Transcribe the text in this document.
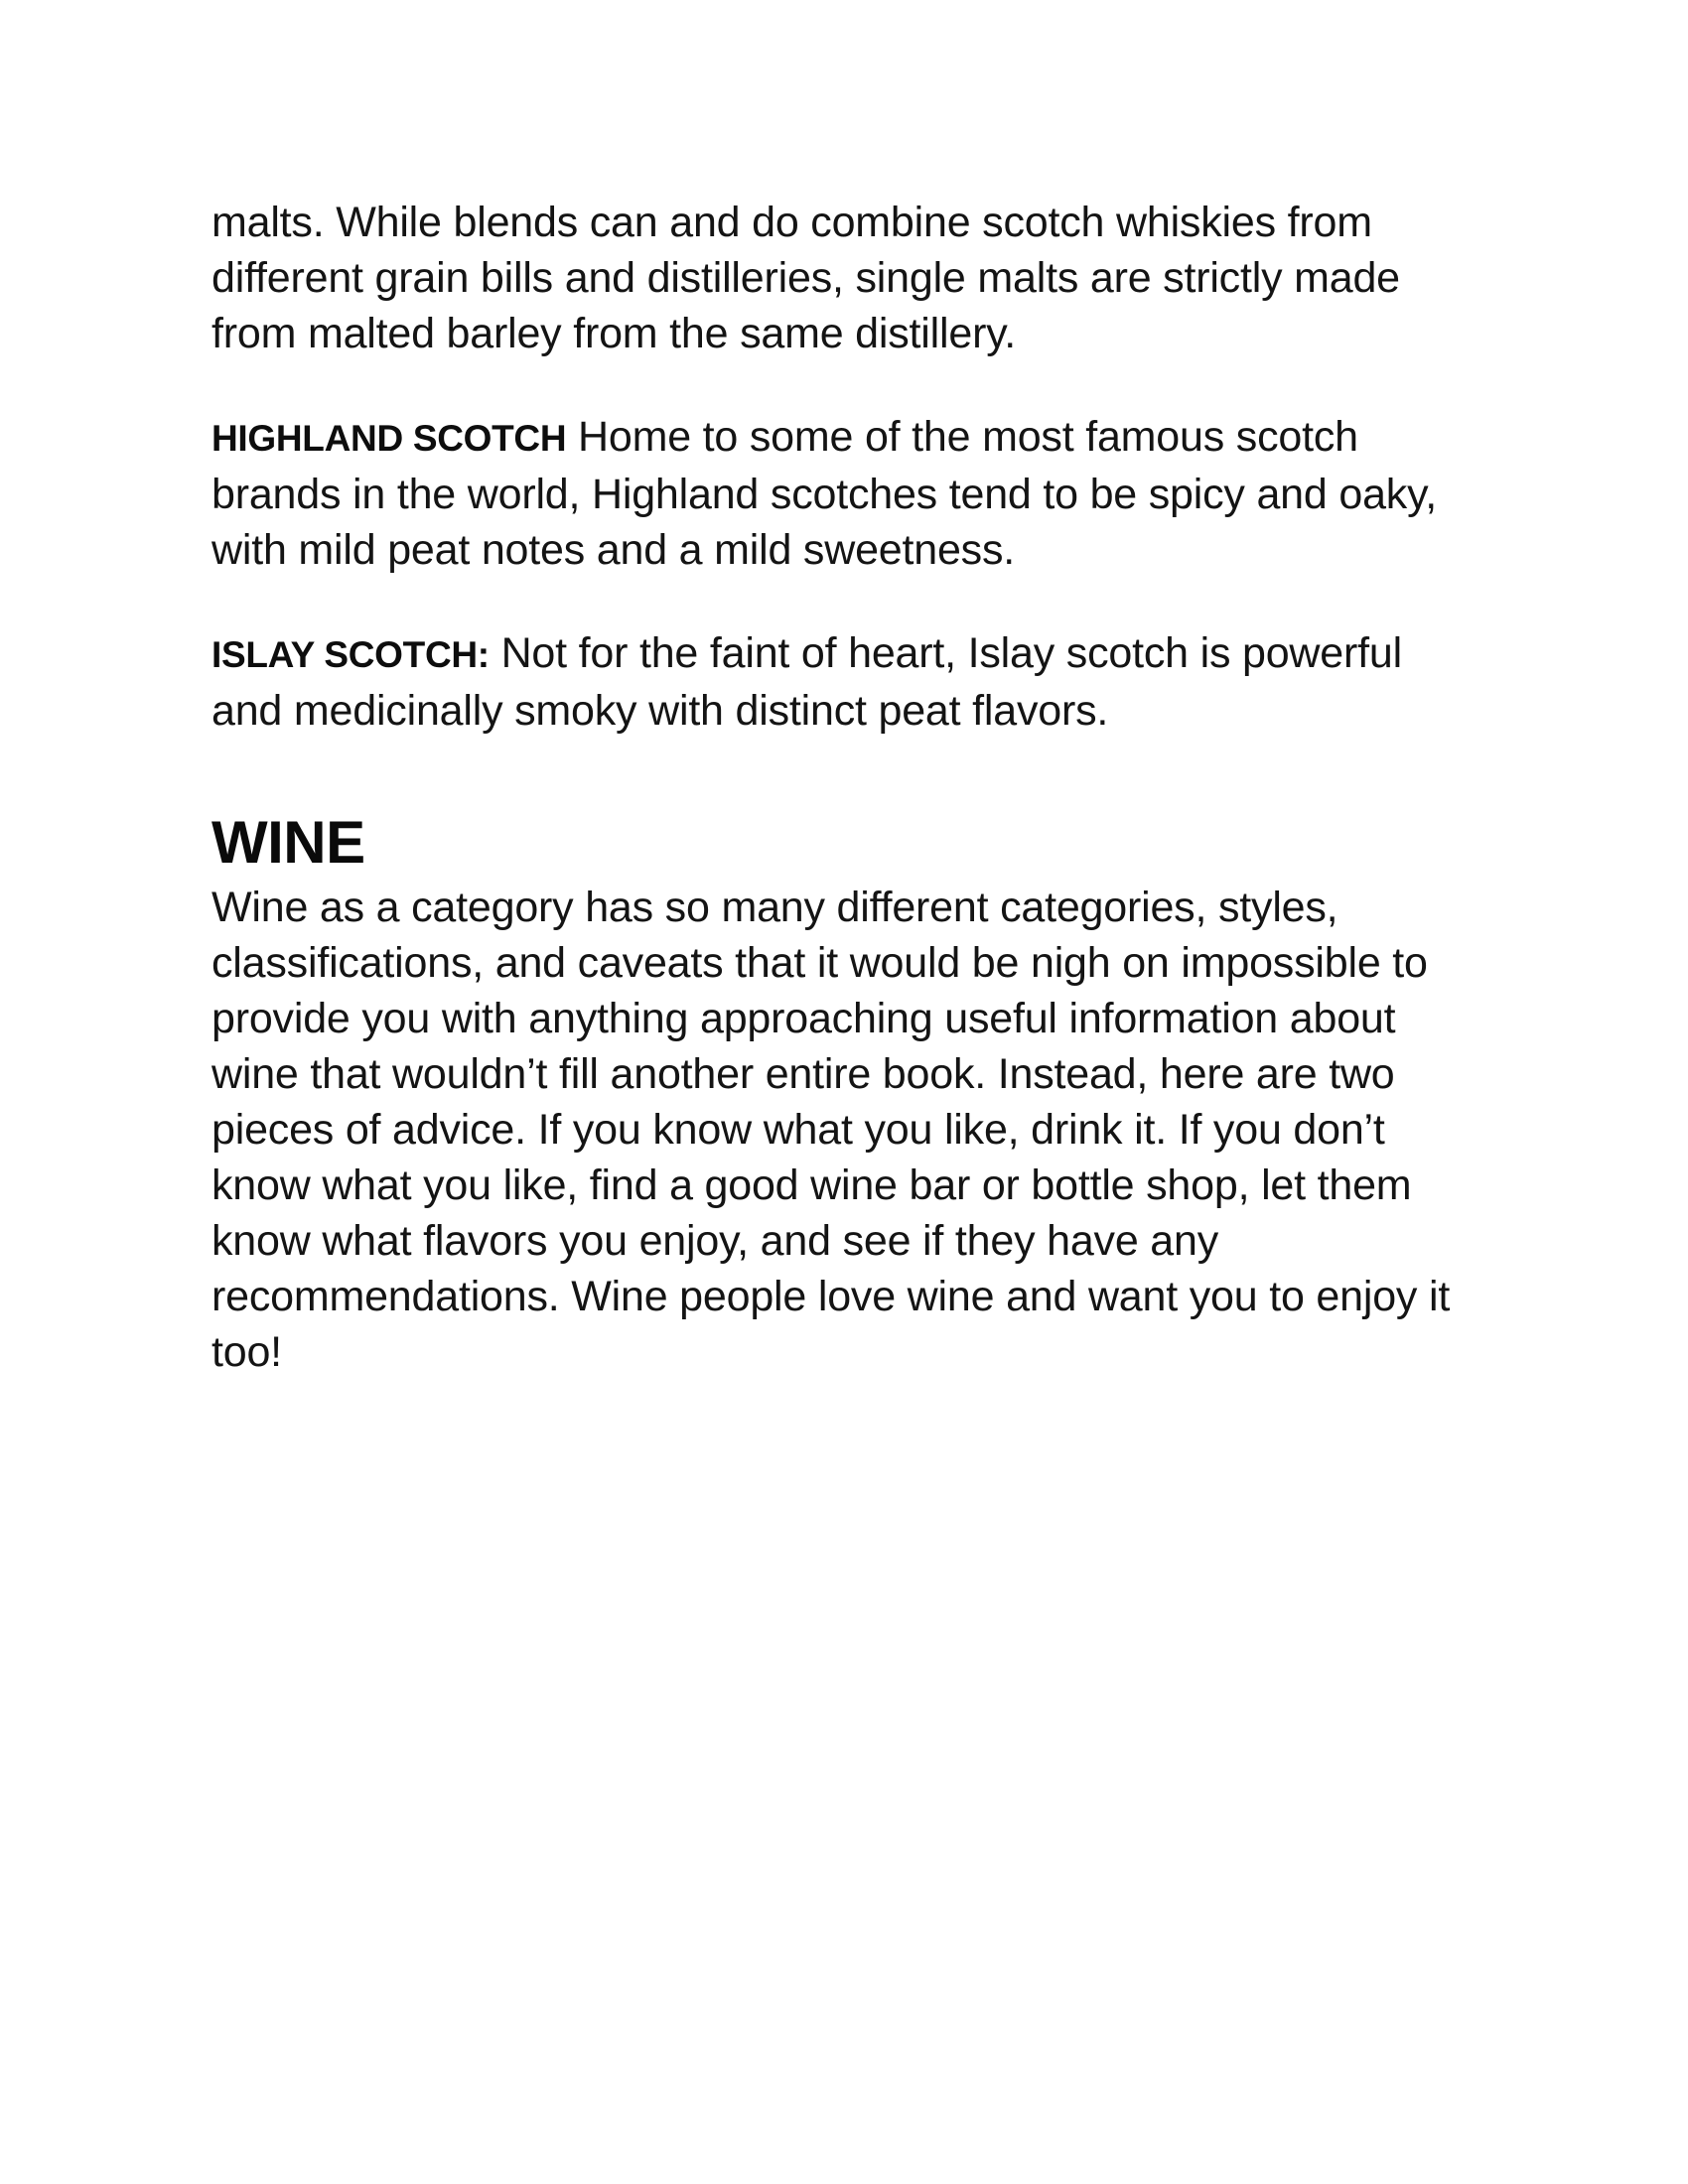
malts. While blends can and do combine scotch whiskies from different grain bills and distilleries, single malts are strictly made from malted barley from the same distillery.

HIGHLAND SCOTCH Home to some of the most famous scotch brands in the world, Highland scotches tend to be spicy and oaky, with mild peat notes and a mild sweetness.

ISLAY SCOTCH: Not for the faint of heart, Islay scotch is powerful and medicinally smoky with distinct peat flavors.

WINE

Wine as a category has so many different categories, styles, classifications, and caveats that it would be nigh on impossible to provide you with anything approaching useful information about wine that wouldn’t fill another entire book. Instead, here are two pieces of advice. If you know what you like, drink it. If you don’t know what you like, find a good wine bar or bottle shop, let them know what flavors you enjoy, and see if they have any recommendations. Wine people love wine and want you to enjoy it too!
